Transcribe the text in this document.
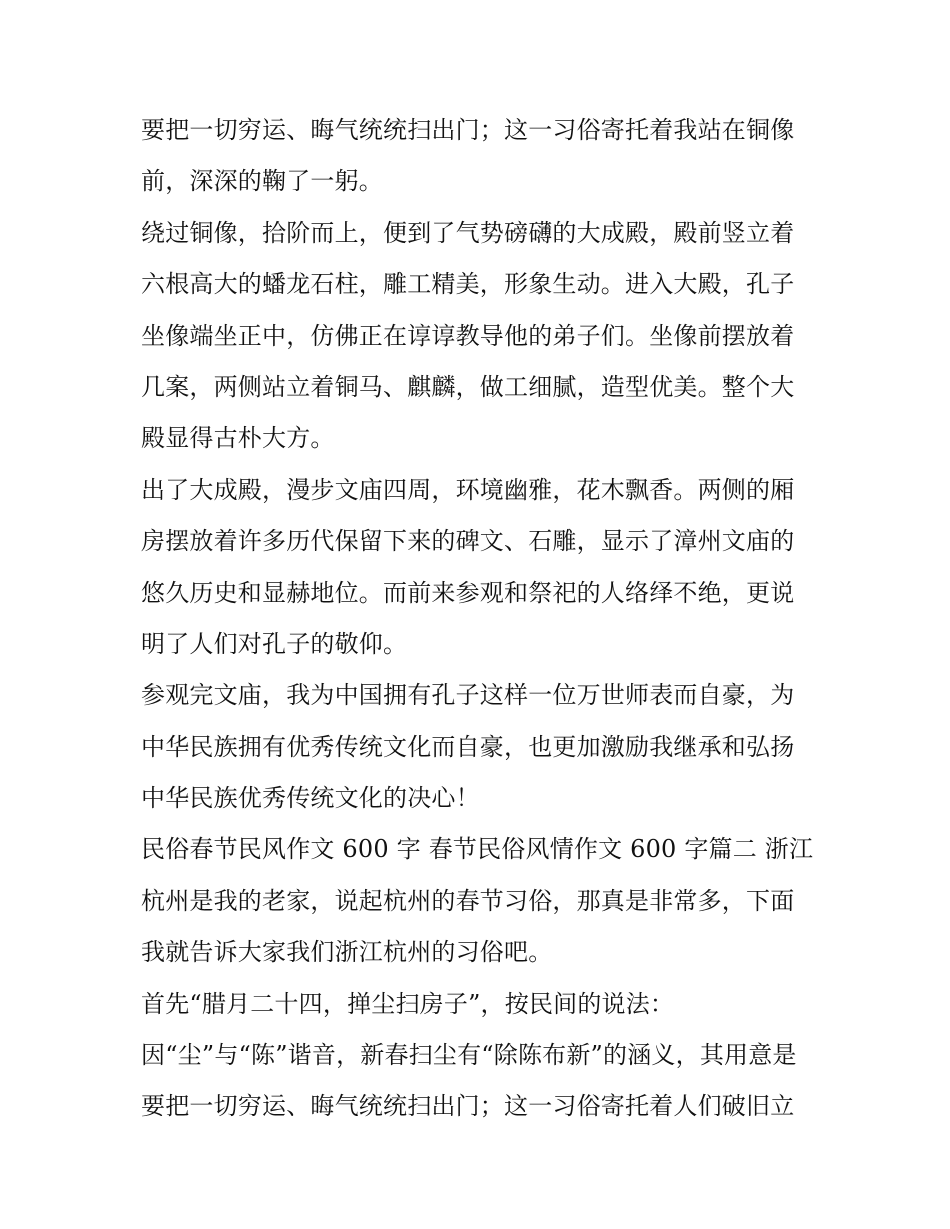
要把一切穷运、晦气统统扫出门；这一习俗寄托着我站在铜像
前，深深的鞠了一躬。
绕过铜像，拾阶而上，便到了气势磅礴的大成殿，殿前竖立着
六根高大的蟠龙石柱，雕工精美，形象生动。进入大殿，孔子
坐像端坐正中，仿佛正在谆谆教导他的弟子们。坐像前摆放着
几案，两侧站立着铜马、麒麟，做工细腻，造型优美。整个大
殿显得古朴大方。
出了大成殿，漫步文庙四周，环境幽雅，花木飘香。两侧的厢
房摆放着许多历代保留下来的碑文、石雕，显示了漳州文庙的
悠久历史和显赫地位。而前来参观和祭祀的人络绎不绝，更说
明了人们对孔子的敬仰。
参观完文庙，我为中国拥有孔子这样一位万世师表而自豪，为
中华民族拥有优秀传统文化而自豪，也更加激励我继承和弘扬
中华民族优秀传统文化的决心！
民俗春节民风作文 600 字 春节民俗风情作文 600 字篇二 浙江
杭州是我的老家，说起杭州的春节习俗，那真是非常多，下面
我就告诉大家我们浙江杭州的习俗吧。
首先“腊月二十四，掸尘扫房子”，按民间的说法：
因“尘”与“陈”谐音，新春扫尘有“除陈布新”的涵义，其用意是
要把一切穷运、晦气统统扫出门；这一习俗寄托着人们破旧立
